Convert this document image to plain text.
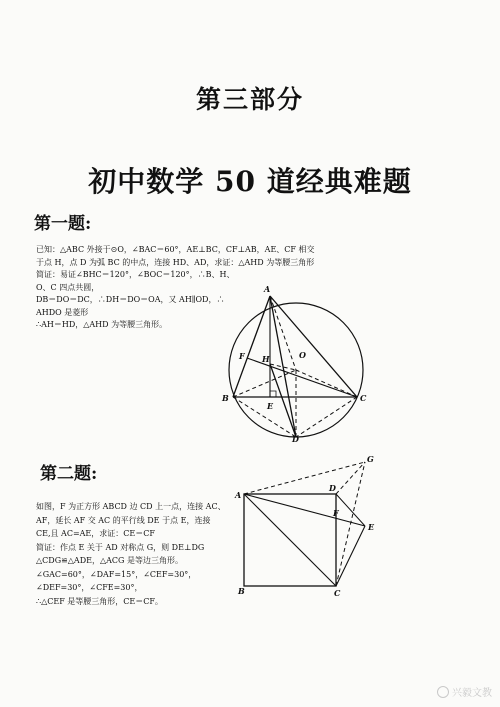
第三部分
初中数学 50 道经典难题
第一题:
已知：△ABC 外接于⊙O，∠BAC＝60°，AE⊥BC，CF⊥AB，AE、CF 相交
于点 H，点 D 为弧 BC 的中点，连接 HD、AD，求证：△AHD 为等腰三角形
简证：易证∠BHC＝120°，∠BOC＝120°，∴B、H、
O、C 四点共圆，
DB＝DO＝DC，∴DH＝DO＝OA，又 AH∥OD，∴
AHDO 是菱形
∴AH＝HD，△AHD 为等腰三角形。
A
B	C
D
E
F H	O
第二题:
如图，F 为正方形 ABCD 边 CD 上一点，连接 AC、
AF，延长 AF 交 AC 的平行线 DE 于点 E，连接
CE,且 AC=AE，求证：CE＝CF
简证：作点 E 关于 AD 对称点 G，则 DE⊥DG
△CDG≌△ADE，△ACG 是等边三角形。
∠GAC=60°，∠DAF=15°，∠CEF=30°，
∠DEF=30°，∠CFE=30°，
∴△CEF 是等腰三角形，CE＝CF。
A
B	C
D
E
F
G
兴毅文教
